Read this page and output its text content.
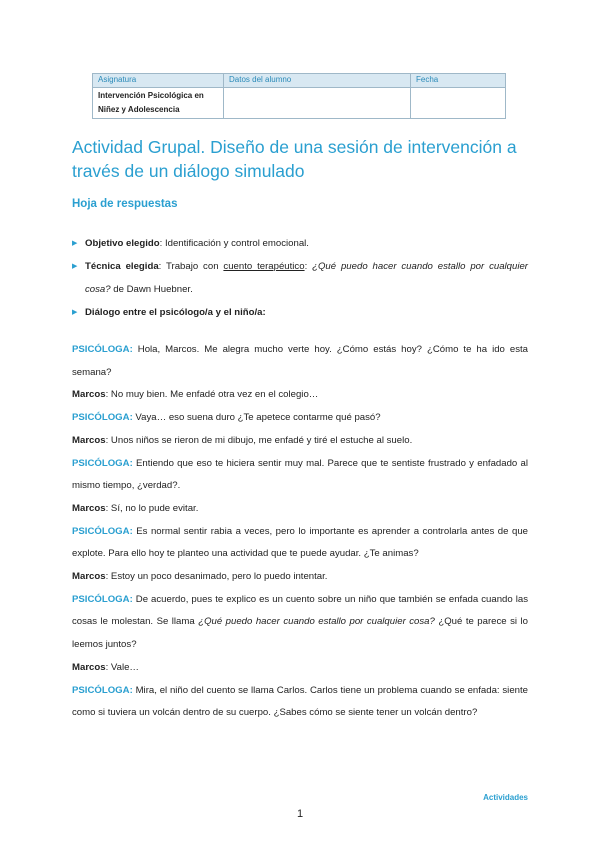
Asignatura	Datos del alumno	Fecha
Intervención Psicológica en Niñez y Adolescencia		
Actividad Grupal. Diseño de una sesión de intervención a través de un diálogo simulado
Hoja de respuestas
▶ Objetivo elegido: Identificación y control emocional.
▶ Técnica elegida: Trabajo con cuento terapéutico: ¿Qué puedo hacer cuando estallo por cualquier cosa? de Dawn Huebner.
▶ Diálogo entre el psicólogo/a y el niño/a:

PSICÓLOGA: Hola, Marcos. Me alegra mucho verte hoy. ¿Cómo estás hoy? ¿Cómo te ha ido esta semana?

Marcos: No muy bien. Me enfadé otra vez en el colegio…

PSICÓLOGA: Vaya… eso suena duro ¿Te apetece contarme qué pasó?

Marcos: Unos niños se rieron de mi dibujo, me enfadé y tiré el estuche al suelo.

PSICÓLOGA: Entiendo que eso te hiciera sentir muy mal. Parece que te sentiste frustrado y enfadado al mismo tiempo, ¿verdad?.

Marcos: Sí, no lo pude evitar.

PSICÓLOGA: Es normal sentir rabia a veces, pero lo importante es aprender a controlarla antes de que explote. Para ello hoy te planteo una actividad que te puede ayudar. ¿Te animas?

Marcos: Estoy un poco desanimado, pero lo puedo intentar.

PSICÓLOGA: De acuerdo, pues te explico es un cuento sobre un niño que también se enfada cuando las cosas le molestan. Se llama ¿Qué puedo hacer cuando estallo por cualquier cosa? ¿Qué te parece si lo leemos juntos?

Marcos: Vale…

PSICÓLOGA: Mira, el niño del cuento se llama Carlos. Carlos tiene un problema cuando se enfada: siente como si tuviera un volcán dentro de su cuerpo. ¿Sabes cómo se siente tener un volcán dentro?

Actividades
1
